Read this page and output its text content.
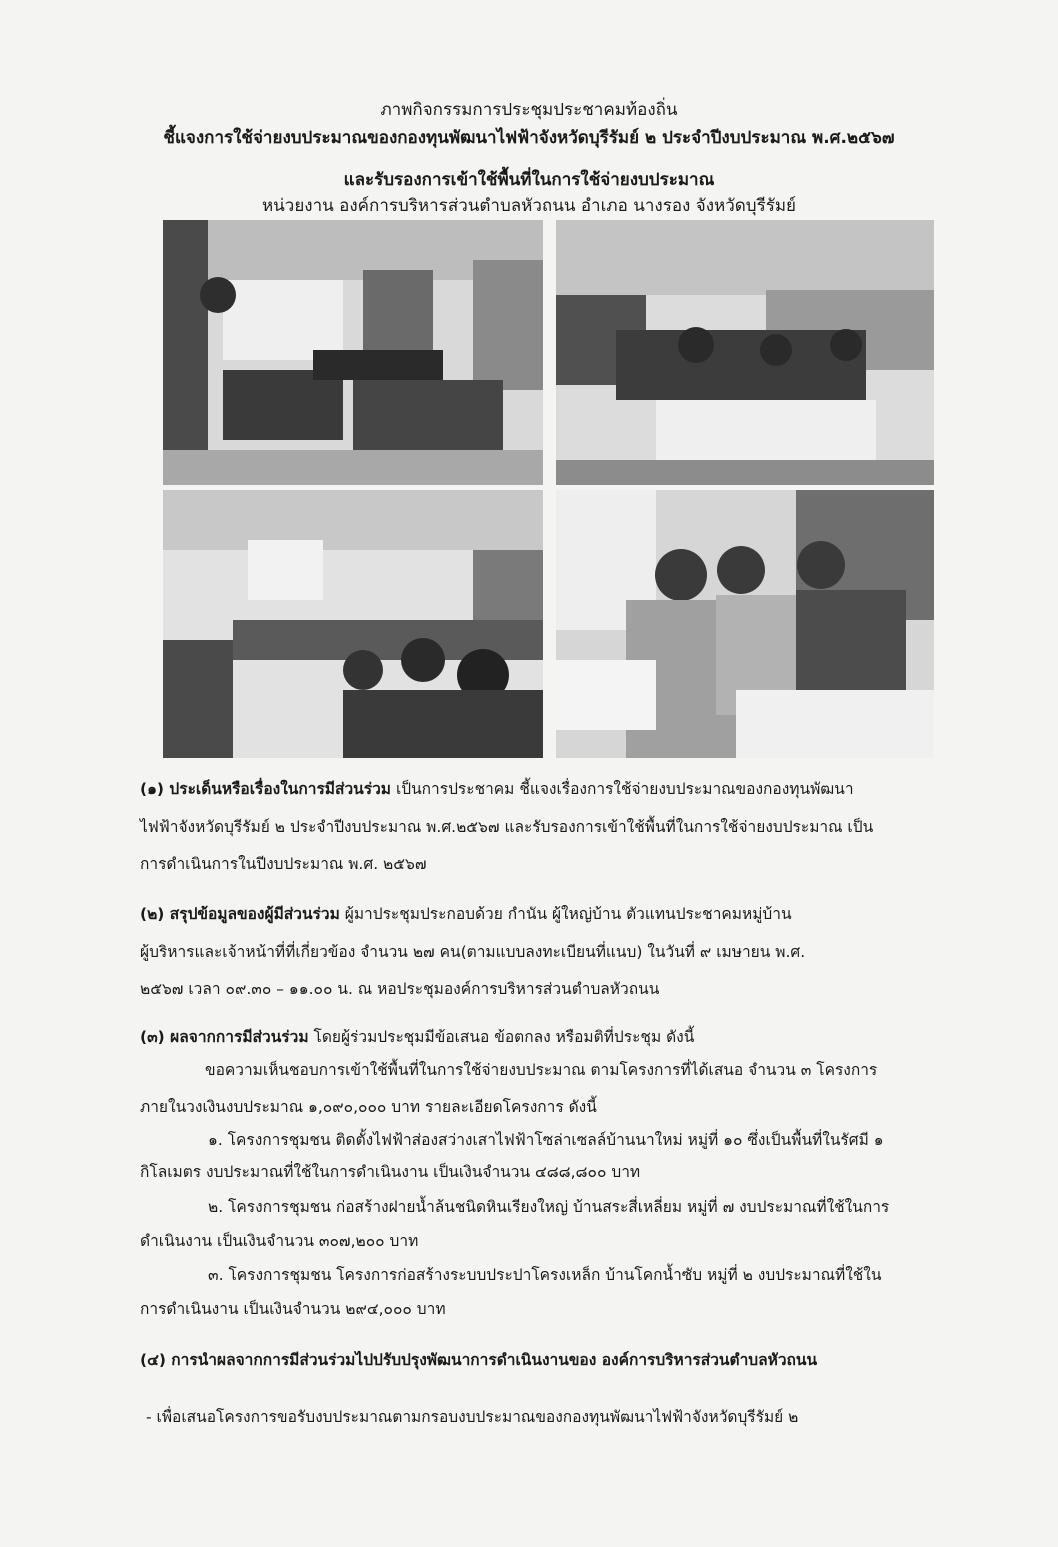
ภาพกิจกรรมการประชุมประชาคมท้องถิ่น
ชี้แจงการใช้จ่ายงบประมาณของกองทุนพัฒนาไฟฟ้าจังหวัดบุรีรัมย์ ๒ ประจำปีงบประมาณ พ.ศ.๒๕๖๗
และรับรองการเข้าใช้พื้นที่ในการใช้จ่ายงบประมาณ
หน่วยงาน องค์การบริหารส่วนตำบลหัวถนน อำเภอ นางรอง จังหวัดบุรีรัมย์
(๑) ประเด็นหรือเรื่องในการมีส่วนร่วม เป็นการประชาคม ชี้แจงเรื่องการใช้จ่ายงบประมาณของกองทุนพัฒนา
ไฟฟ้าจังหวัดบุรีรัมย์ ๒ ประจำปีงบประมาณ พ.ศ.๒๕๖๗ และรับรองการเข้าใช้พื้นที่ในการใช้จ่ายงบประมาณ เป็น
การดำเนินการในปีงบประมาณ พ.ศ. ๒๕๖๗
(๒) สรุปข้อมูลของผู้มีส่วนร่วม ผู้มาประชุมประกอบด้วย กำนัน ผู้ใหญ่บ้าน ตัวแทนประชาคมหมู่บ้าน
ผู้บริหารและเจ้าหน้าที่ที่เกี่ยวข้อง จำนวน ๒๗ คน(ตามแบบลงทะเบียนที่แนบ) ในวันที่ ๙ เมษายน พ.ศ.
๒๕๖๗ เวลา ๐๙.๓๐ – ๑๑.๐๐ น. ณ หอประชุมองค์การบริหารส่วนตำบลหัวถนน
(๓) ผลจากการมีส่วนร่วม โดยผู้ร่วมประชุมมีข้อเสนอ ข้อตกลง หรือมติที่ประชุม ดังนี้
ขอความเห็นชอบการเข้าใช้พื้นที่ในการใช้จ่ายงบประมาณ ตามโครงการที่ได้เสนอ จำนวน ๓ โครงการ
ภายในวงเงินงบประมาณ ๑,๐๙๐,๐๐๐ บาท รายละเอียดโครงการ ดังนี้
๑. โครงการชุมชน ติดตั้งไฟฟ้าส่องสว่างเสาไฟฟ้าโซล่าเซลล์บ้านนาใหม่ หมู่ที่ ๑๐ ซึ่งเป็นพื้นที่ในรัศมี ๑
กิโลเมตร งบประมาณที่ใช้ในการดำเนินงาน เป็นเงินจำนวน ๔๘๘,๘๐๐ บาท
๒. โครงการชุมชน ก่อสร้างฝายน้ำล้นชนิดหินเรียงใหญ่ บ้านสระสี่เหลี่ยม หมู่ที่ ๗ งบประมาณที่ใช้ในการ
ดำเนินงาน เป็นเงินจำนวน ๓๐๗,๒๐๐ บาท
๓. โครงการชุมชน โครงการก่อสร้างระบบประปาโครงเหล็ก บ้านโคกน้ำซับ หมู่ที่ ๒ งบประมาณที่ใช้ใน
การดำเนินงาน เป็นเงินจำนวน ๒๙๔,๐๐๐ บาท
(๔) การนำผลจากการมีส่วนร่วมไปปรับปรุงพัฒนาการดำเนินงานของ องค์การบริหารส่วนตำบลหัวถนน
- เพื่อเสนอโครงการขอรับงบประมาณตามกรอบงบประมาณของกองทุนพัฒนาไฟฟ้าจังหวัดบุรีรัมย์ ๒
